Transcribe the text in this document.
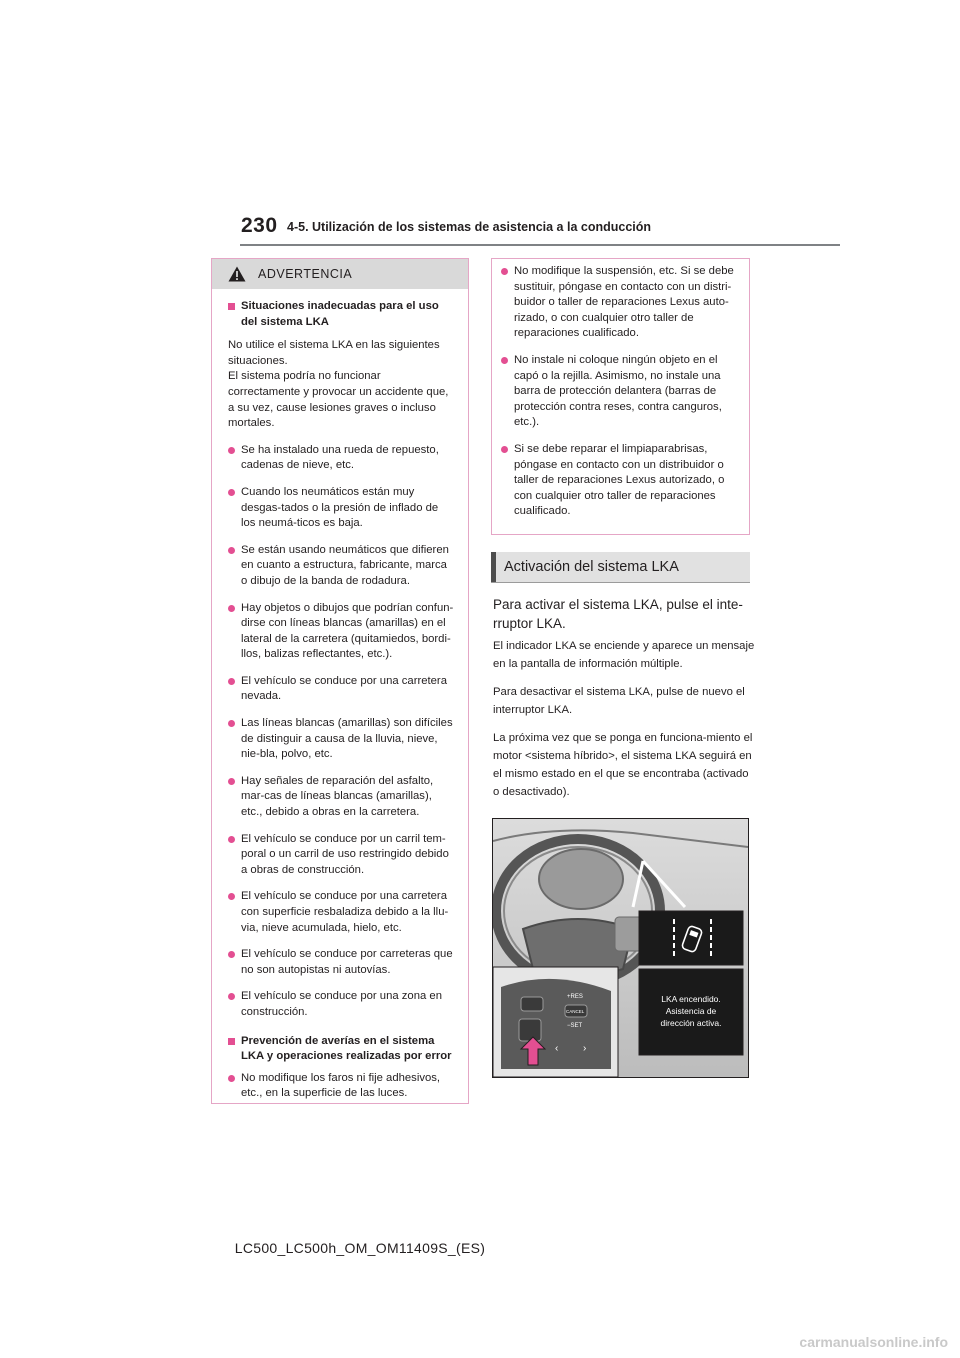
230 4-5. Utilización de los sistemas de asistencia a la conducción
ADVERTENCIA
Situaciones inadecuadas para el uso del sistema LKA
No utilice el sistema LKA en las siguientes situaciones.
El sistema podría no funcionar correctamente y provocar un accidente que, a su vez, cause lesiones graves o incluso mortales.
Se ha instalado una rueda de repuesto, cadenas de nieve, etc.
Cuando los neumáticos están muy desgas-tados o la presión de inflado de los neumá-ticos es baja.
Se están usando neumáticos que difieren en cuanto a estructura, fabricante, marca o dibujo de la banda de rodadura.
Hay objetos o dibujos que podrían confun-dirse con líneas blancas (amarillas) en el lateral de la carretera (quitamiedos, bordi-llos, balizas reflectantes, etc.).
El vehículo se conduce por una carretera nevada.
Las líneas blancas (amarillas) son difíciles de distinguir a causa de la lluvia, nieve, nie-bla, polvo, etc.
Hay señales de reparación del asfalto, mar-cas de líneas blancas (amarillas), etc., debido a obras en la carretera.
El vehículo se conduce por un carril tem-poral o un carril de uso restringido debido a obras de construcción.
El vehículo se conduce por una carretera con superficie resbaladiza debido a la llu-via, nieve acumulada, hielo, etc.
El vehículo se conduce por carreteras que no son autopistas ni autovías.
El vehículo se conduce por una zona en construcción.
Prevención de averías en el sistema LKA y operaciones realizadas por error
No modifique los faros ni fije adhesivos, etc., en la superficie de las luces.
No modifique la suspensión, etc. Si se debe sustituir, póngase en contacto con un distri-buidor o taller de reparaciones Lexus auto-rizado, o con cualquier otro taller de reparaciones cualificado.
No instale ni coloque ningún objeto en el capó o la rejilla. Asimismo, no instale una barra de protección delantera (barras de protección contra reses, contra canguros, etc.).
Si se debe reparar el limpiaparabrisas, póngase en contacto con un distribuidor o taller de reparaciones Lexus autorizado, o con cualquier otro taller de reparaciones cualificado.
Activación del sistema LKA
Para activar el sistema LKA, pulse el inte-rruptor LKA.
El indicador LKA se enciende y aparece un mensaje en la pantalla de información múltiple.
Para desactivar el sistema LKA, pulse de nuevo el interruptor LKA.
La próxima vez que se ponga en funciona-miento el motor <sistema híbrido>, el sistema LKA seguirá en el mismo estado en el que se encontraba (activado o desactivado).
+RES
CANCEL
−SET
‹ ›
LKA encendido.
Asistencia de
dirección activa.
LC500_LC500h_OM_OM11409S_(ES)
carmanualsonline.info
